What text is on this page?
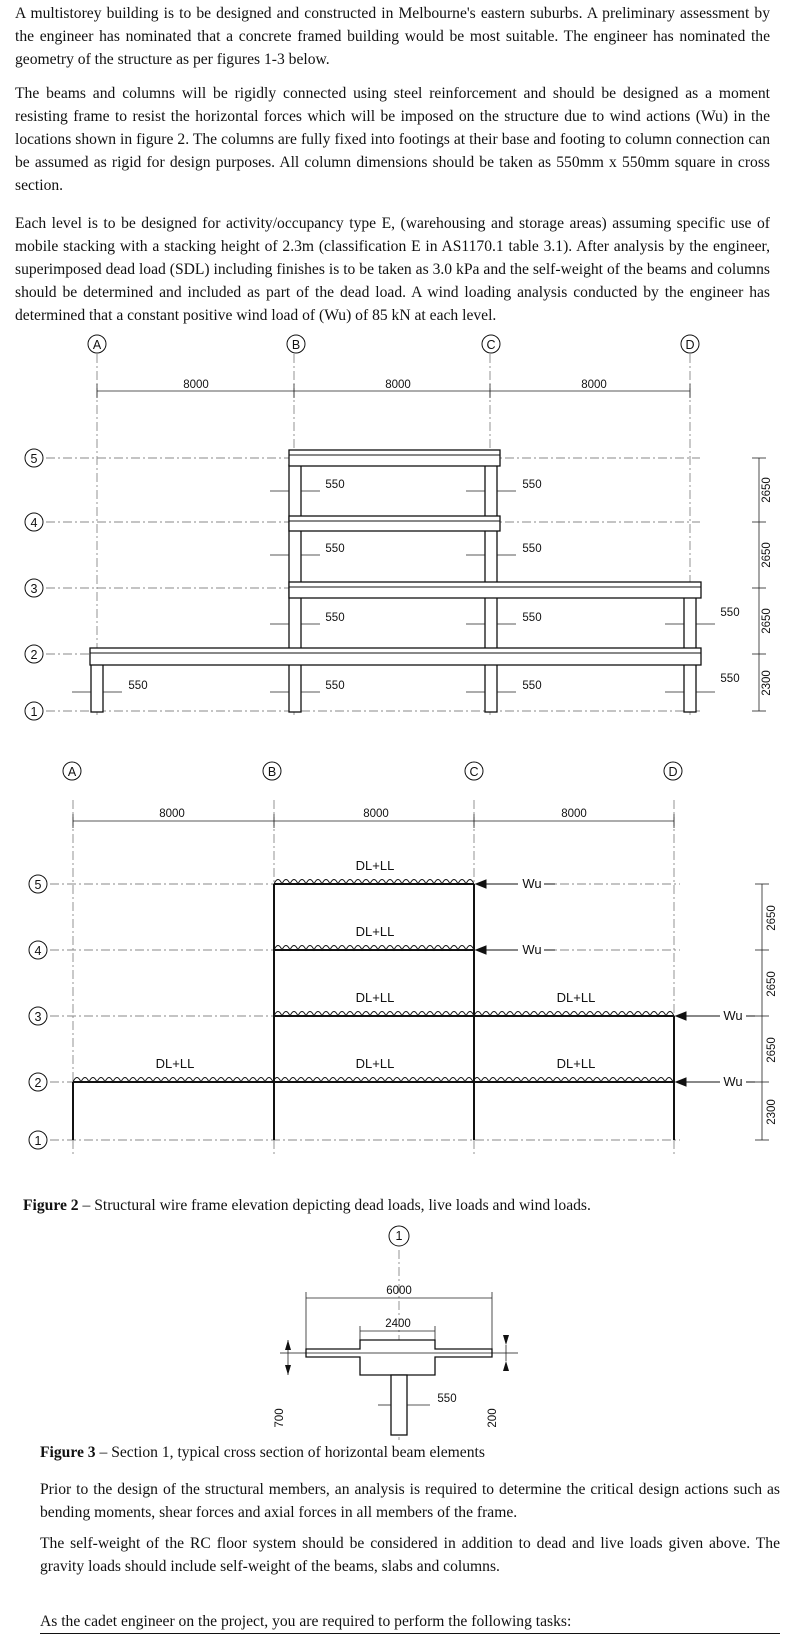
A multistorey building is to be designed and constructed in Melbourne's eastern suburbs. A preliminary assessment by the engineer has nominated that a concrete framed building would be most suitable. The engineer has nominated the geometry of the structure as per figures 1-3 below.

The beams and columns will be rigidly connected using steel reinforcement and should be designed as a moment resisting frame to resist the horizontal forces which will be imposed on the structure due to wind actions (Wu) in the locations shown in figure 2. The columns are fully fixed into footings at their base and footing to column connection can be assumed as rigid for design purposes. All column dimensions should be taken as 550mm x 550mm square in cross section.

Each level is to be designed for activity/occupancy type E, (warehousing and storage areas) assuming specific use of mobile stacking with a stacking height of 2.3m (classification E in AS1170.1 table 3.1). After analysis by the engineer, superimposed dead load (SDL) including finishes is to be taken as 3.0 kPa and the self-weight of the beams and columns should be determined and included as part of the dead load. A wind loading analysis conducted by the engineer has determined that a constant positive wind load of (Wu) of 85 kN at each level.

A	B	C	D
5
4
3
2
1
8000	8000	8000
550	550
550	550
550	550	550
550	550	550
550
2650
2650
2650
2300
A	B	C	D
5
4
3
2
1
8000	8000	8000
DL+LL
DL+LL
DL+LL	DL+LL
DL+LL	DL+LL	DL+LL
Wu
Wu
Wu
Wu
2650
2650
2650
2300

Figure 2 – Structural wire frame elevation depicting dead loads, live loads and wind loads.

1
6000
2400
700	200
550

Figure 3 – Section 1, typical cross section of horizontal beam elements

Prior to the design of the structural members, an analysis is required to determine the critical design actions such as bending moments, shear forces and axial forces in all members of the frame.

The self-weight of the RC floor system should be considered in addition to dead and live loads given above. The gravity loads should include self-weight of the beams, slabs and columns.

As the cadet engineer on the project, you are required to perform the following tasks:
